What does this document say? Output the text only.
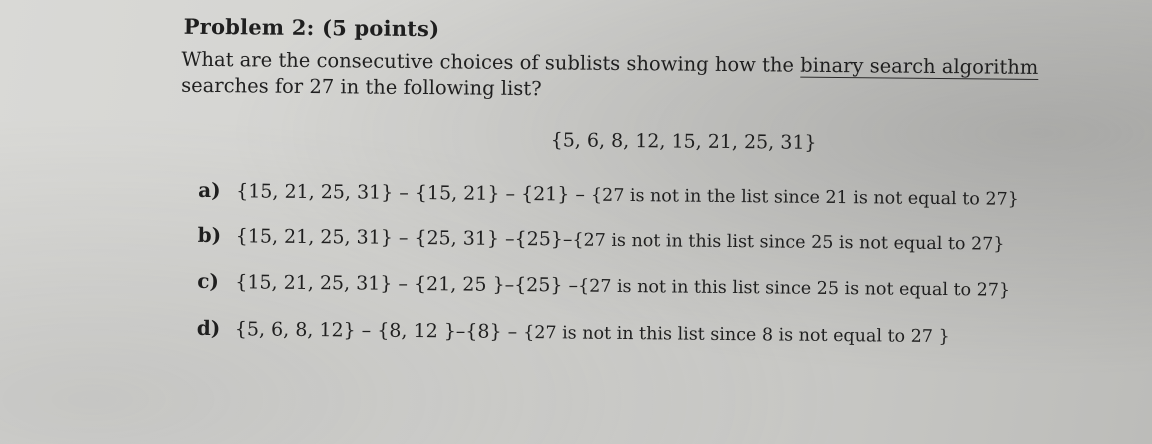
Problem 2: (5 points)
What are the consecutive choices of sublists showing how the binary search algorithm searches for 27 in the following list?
{5, 6, 8, 12, 15, 21, 25, 31}
a) {15, 21, 25, 31} – {15, 21} – {21} – {27 is not in the list since 21 is not equal to 27}
b) {15, 21, 25, 31} – {25, 31} –{25}–{27 is not in this list since 25 is not equal to 27}
c) {15, 21, 25, 31} – {21, 25 }–{25} –{27 is not in this list since 25 is not equal to 27}
d) {5, 6, 8, 12} – {8, 12 }–{8} – {27 is not in this list since 8 is not equal to 27 }
